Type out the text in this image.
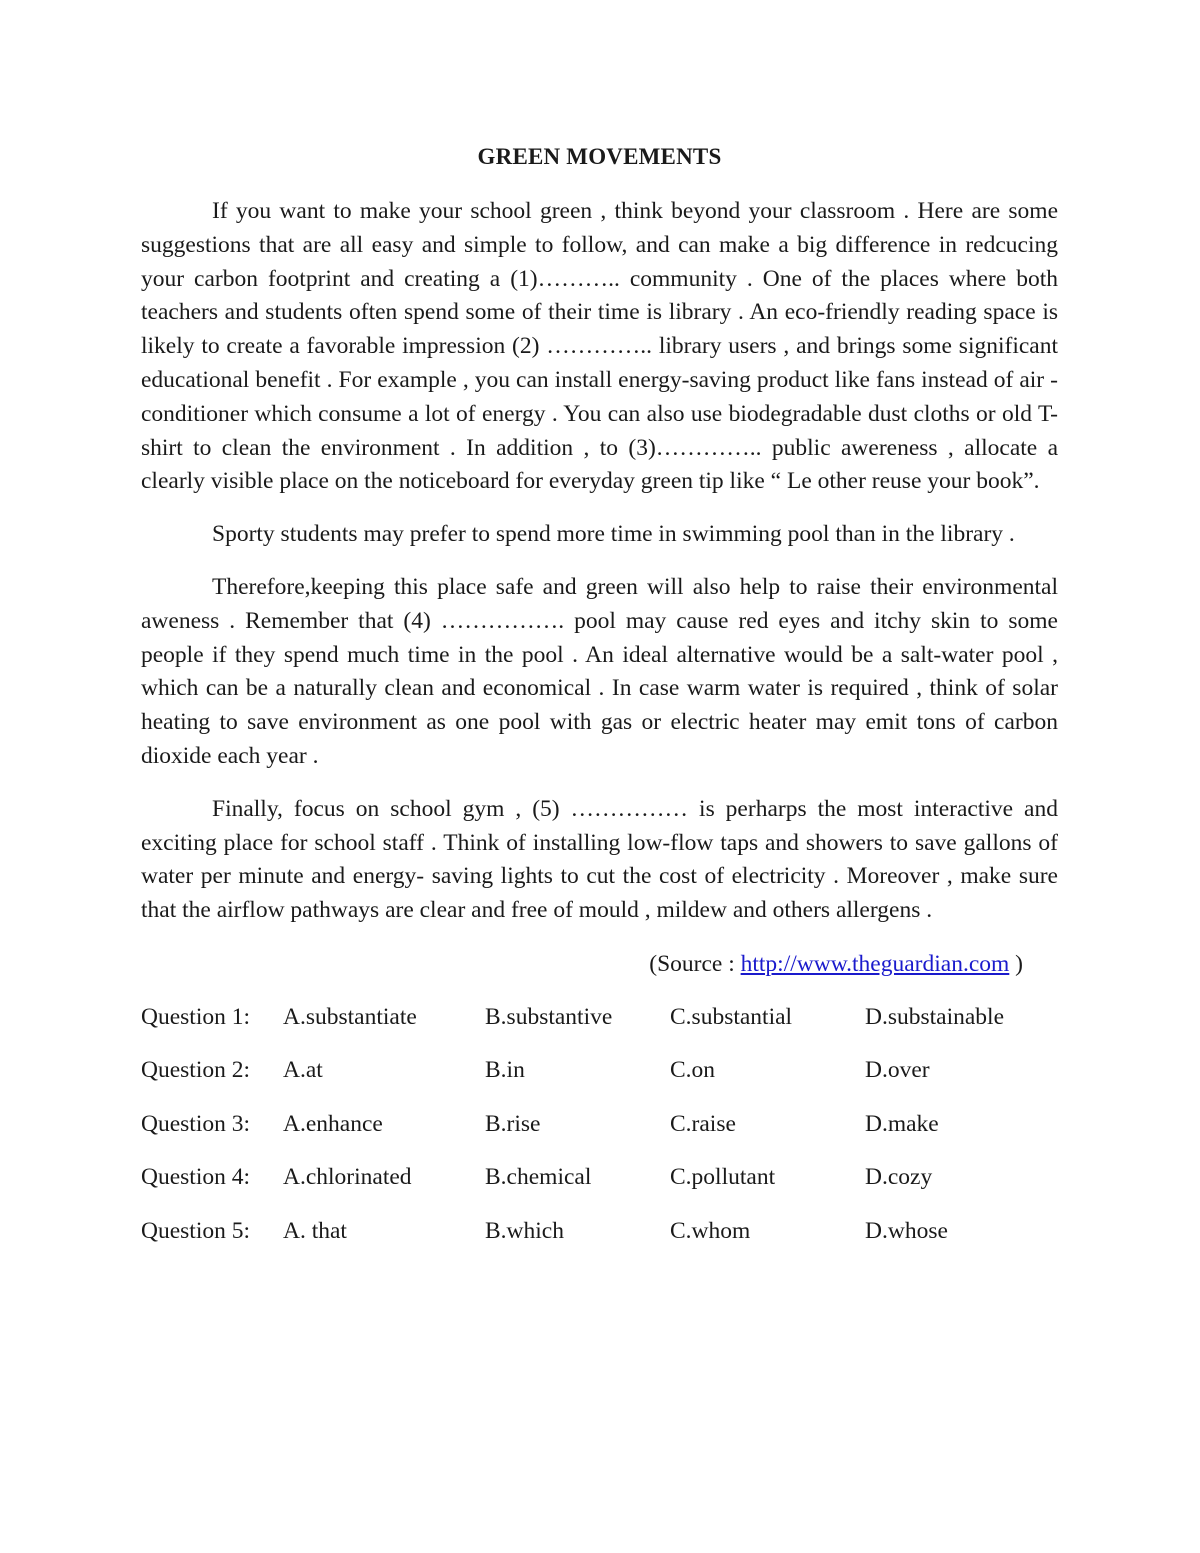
GREEN MOVEMENTS

If you want to make your school green , think beyond your classroom . Here are some suggestions that are all easy and simple to follow, and can make a big difference in redcucing your carbon footprint and creating a (1)……….. community . One of the places where both teachers and students often spend some of their time is library . An eco-friendly reading space is likely to create a favorable impression (2) ………….. library users , and brings some significant educational benefit . For example , you can install energy-saving product like fans instead of air - conditioner which consume a lot of energy . You can also use biodegradable dust cloths or old T-shirt to clean the environment . In addition , to (3)………….. public awereness , allocate a clearly visible place on the noticeboard for everyday green tip like “ Le other reuse your book”.

Sporty students may prefer to spend more time in swimming pool than in the library .

Therefore,keeping this place safe and green will also help to raise their environmental aweness . Remember that (4) ……………. pool may cause red eyes and itchy skin to some people if they spend much time in the pool . An ideal alternative would be a salt-water pool , which can be a naturally clean and economical . In case warm water is required , think of solar heating to save environment as one pool with gas or electric heater may emit tons of carbon dioxide each year .

Finally, focus on school gym , (5) …………… is perharps the most interactive and exciting place for school staff . Think of installing low-flow taps and showers to save gallons of water per minute and energy- saving lights to cut the cost of electricity . Moreover , make sure that the airflow pathways are clear and free of mould , mildew and others allergens .

(Source : http://www.theguardian.com )
Question 1: A.substantiate	B.substantive C.substantial	D.substainable
Question 2: A.at	B.in	C.on	D.over
Question 3: A.enhance	B.rise	C.raise	D.make
Question 4: A.chlorinated	B.chemical	C.pollutant	D.cozy
Question 5: A. that	B.which	C.whom	D.whose
